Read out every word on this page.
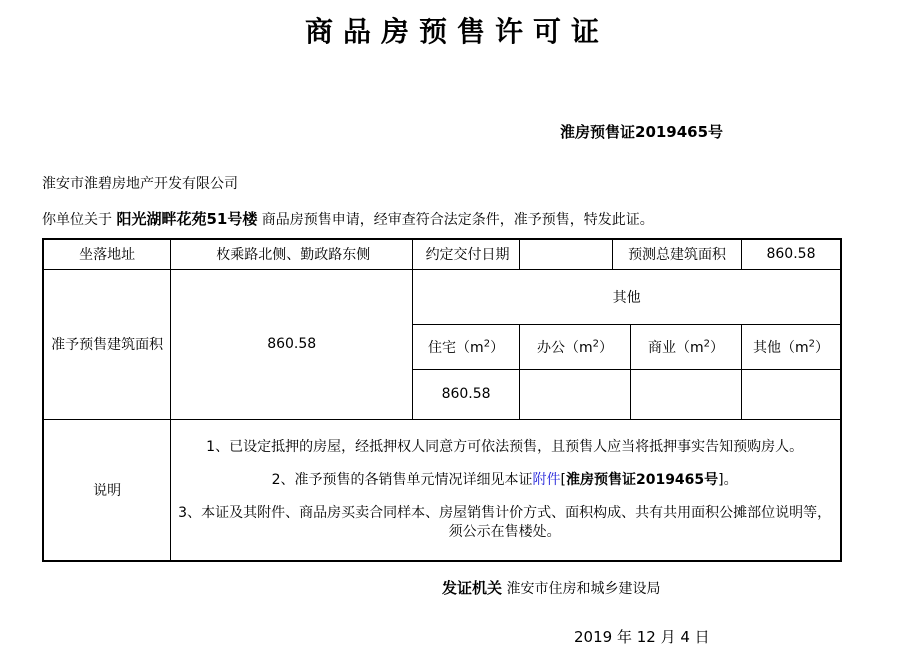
商品房预售许可证
淮房预售证2019465号
淮安市淮碧房地产开发有限公司
你单位关于 阳光湖畔花苑51号楼 商品房预售申请，经审查符合法定条件，准予预售，特发此证。
坐落地址	枚乘路北侧、勤政路东侧	约定交付日期		预测总建筑面积		860.58
准予预售建筑面积	860.58	其他				
		住宅$(m^2)$	办公$(m^2)$		商业$(m^2)$	其他$(m^2)$
		860.58				
说明	1、已设定抵押的房屋，经抵押权人同意方可依法预售，且预售人应当将抵押事实告知预购房人。

2、准予预售的各销售单元情况详细见本证附件[淮房预售证2019465号]。

3、本证及其附件、商品房买卖合同样本、房屋销售计价方式、面积构成、共有共用面积公摊部位说明等，须公示在售楼处。					

发证机关 淮安市住房和城乡建设局
2019 年 12 月 4 日
